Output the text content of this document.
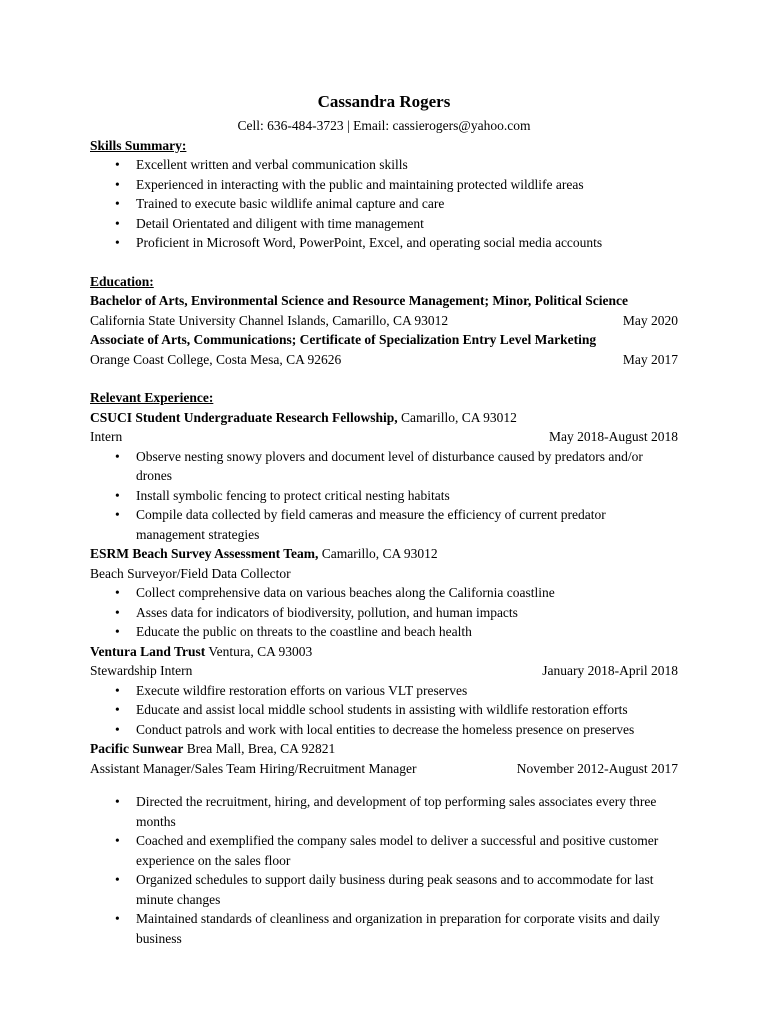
Cassandra Rogers

Cell: 636-484-3723 | Email: cassierogers@yahoo.com

Skills Summary:

• Excellent written and verbal communication skills
• Experienced in interacting with the public and maintaining protected wildlife areas
• Trained to execute basic wildlife animal capture and care
• Detail Orientated and diligent with time management
• Proficient in Microsoft Word, PowerPoint, Excel, and operating social media accounts

Education:

Bachelor of Arts, Environmental Science and Resource Management; Minor, Political Science
California State University Channel Islands, Camarillo, CA 93012	May 2020
Associate of Arts, Communications; Certificate of Specialization Entry Level Marketing
Orange Coast College, Costa Mesa, CA 92626	May 2017

Relevant Experience:

CSUCI Student Undergraduate Research Fellowship, Camarillo, CA 93012
Intern	May 2018-August 2018
• Observe nesting snowy plovers and document level of disturbance caused by predators and/or drones
• Install symbolic fencing to protect critical nesting habitats
• Compile data collected by field cameras and measure the efficiency of current predator management strategies
ESRM Beach Survey Assessment Team, Camarillo, CA 93012
Beach Surveyor/Field Data Collector
• Collect comprehensive data on various beaches along the California coastline
• Asses data for indicators of biodiversity, pollution, and human impacts
• Educate the public on threats to the coastline and beach health
Ventura Land Trust Ventura, CA 93003
Stewardship Intern	January 2018-April 2018
• Execute wildfire restoration efforts on various VLT preserves
• Educate and assist local middle school students in assisting with wildlife restoration efforts
• Conduct patrols and work with local entities to decrease the homeless presence on preserves
Pacific Sunwear Brea Mall, Brea, CA 92821
Assistant Manager/Sales Team Hiring/Recruitment Manager	November 2012-August 2017
• Directed the recruitment, hiring, and development of top performing sales associates every three months
• Coached and exemplified the company sales model to deliver a successful and positive customer experience on the sales floor
• Organized schedules to support daily business during peak seasons and to accommodate for last minute changes
• Maintained standards of cleanliness and organization in preparation for corporate visits and daily business
